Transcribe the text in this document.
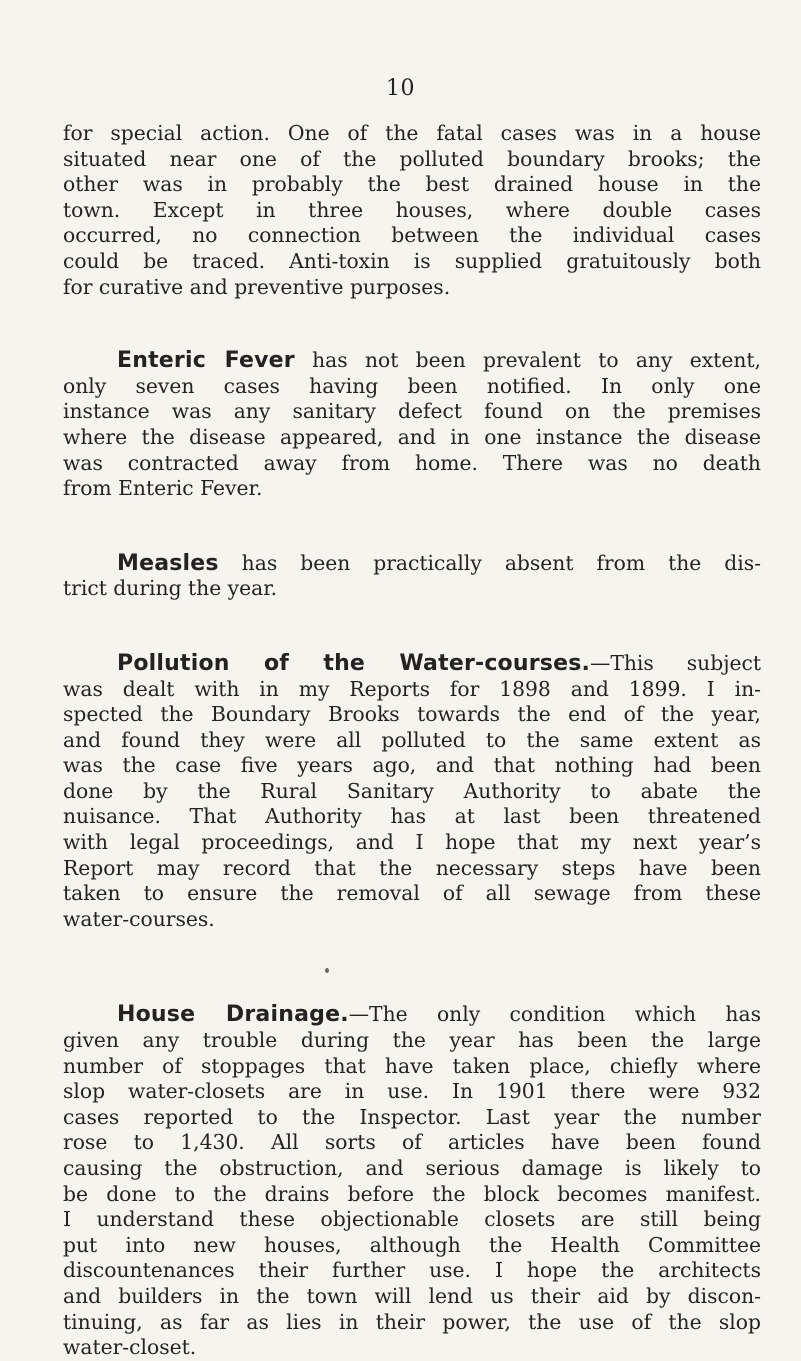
10

for special action. One of the fatal cases was in a house
situated near one of the polluted boundary brooks; the
other was in probably the best drained house in the
town. Except in three houses, where double cases
occurred, no connection between the individual cases
could be traced. Anti-toxin is supplied gratuitously both
for curative and preventive purposes.

Enteric Fever has not been prevalent to any extent,
only seven cases having been notified. In only one
instance was any sanitary defect found on the premises
where the disease appeared, and in one instance the disease
was contracted away from home. There was no death
from Enteric Fever.

Measles has been practically absent from the dis-
trict during the year.

Pollution of the Water-courses.—This subject
was dealt with in my Reports for 1898 and 1899. I in-
spected the Boundary Brooks towards the end of the year,
and found they were all polluted to the same extent as
was the case five years ago, and that nothing had been
done by the Rural Sanitary Authority to abate the
nuisance. That Authority has at last been threatened
with legal proceedings, and I hope that my next year’s
Report may record that the necessary steps have been
taken to ensure the removal of all sewage from these
water-courses.

House Drainage.—The only condition which has
given any trouble during the year has been the large
number of stoppages that have taken place, chiefly where
slop water-closets are in use. In 1901 there were 932
cases reported to the Inspector. Last year the number
rose to 1,430. All sorts of articles have been found
causing the obstruction, and serious damage is likely to
be done to the drains before the block becomes manifest.
I understand these objectionable closets are still being
put into new houses, although the Health Committee
discountenances their further use. I hope the architects
and builders in the town will lend us their aid by discon-
tinuing, as far as lies in their power, the use of the slop
water-closet.
